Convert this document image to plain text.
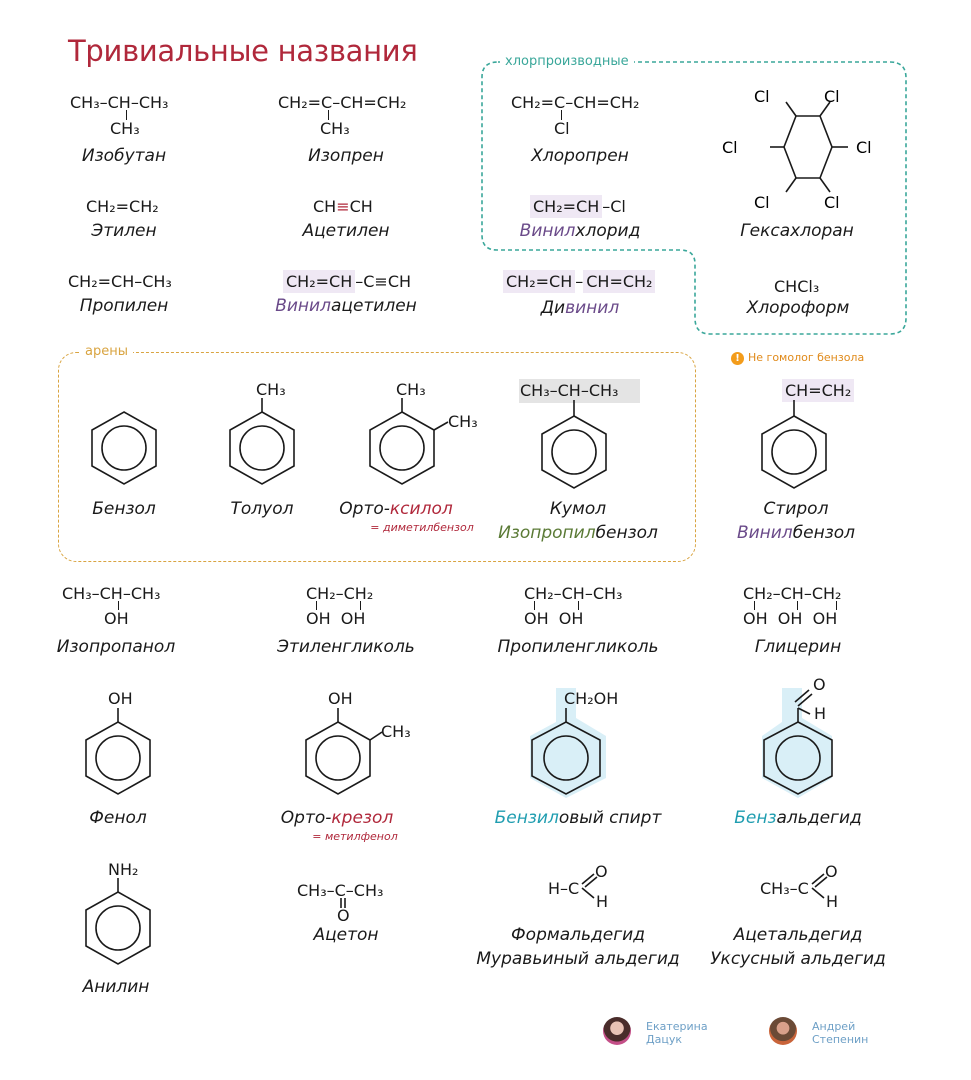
Тривиальные названия	хлорпроизводные
арены	! Не гомолог бензола
CH₃–CH–CH₃
CH₃
Изобутан
CH₂=C–CH=CH₂
CH₃
Изопрен
CH₂=C–CH=CH₂
Cl
Хлоропрен
Cl	Cl
Cl	Cl
Cl	Cl
Гексахлоран
CH₂=CH₂
Этилен
CH≡CH
Ацетилен
CH₂=CH –Cl
Винилхлорид
CH₂=CH–CH₃
Пропилен
CH₂=CH –C≡CH
Винилацетилен
CH₂=CH – CH=CH₂
Дивинил
CHCl₃
Хлороформ
Бензол
CH₃
Толуол
CH₃
CH₃
Орто-ксилол
= диметилбензол
CH₃–CH–CH₃
Кумол
Изопропилбензол
CH=CH₂
Стирол
Винилбензол
CH₃–CH–CH₃
OH
Изопропанол
CH₂–CH₂
OH  OH
Этиленгликоль
CH₂–CH–CH₃
OH  OH
Пропиленгликоль
CH₂–CH–CH₂
OH  OH  OH
Глицерин
OH
Фенол
OH
CH₃
Орто-крезол
= метилфенол
CH₂OH
Бензиловый спирт
O
H
Бензальдегид
NH₂
Анилин
CH₃–C–CH₃
O
Ацетон
H–C
O
H
Формальдегид
Муравьиный альдегид
CH₃–C
O
H
Ацетальдегид
Уксусный альдегид
Екатерина
Дацук
Андрей
Степенин
